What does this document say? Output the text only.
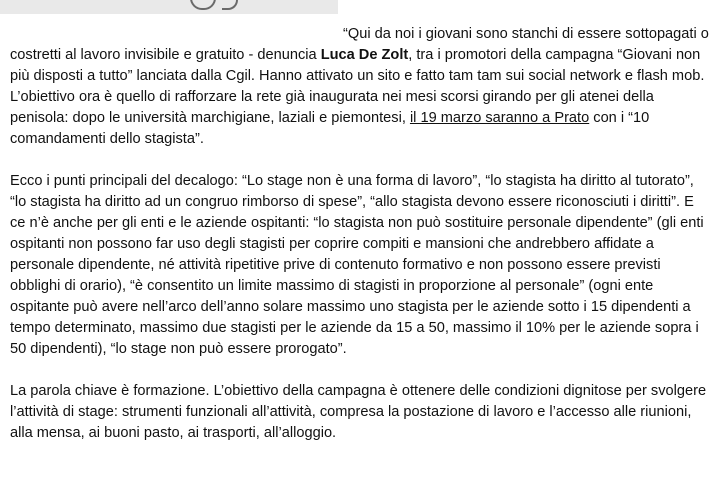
“Qui da noi i giovani sono stanchi di essere sottopagati o costretti al lavoro invisibile e gratuito - denuncia Luca De Zolt, tra i promotori della campagna “Giovani non più disposti a tutto” lanciata dalla Cgil. Hanno attivato un sito e fatto tam tam sui social network e flash mob. L’obiettivo ora è quello di rafforzare la rete già inaugurata nei mesi scorsi girando per gli atenei della penisola: dopo le università marchigiane, laziali e piemontesi, il 19 marzo saranno a Prato con i “10 comandamenti dello stagista”.

Ecco i punti principali del decalogo: “Lo stage non è una forma di lavoro”, “lo stagista ha diritto al tutorato”, “lo stagista ha diritto ad un congruo rimborso di spese”, “allo stagista devono essere riconosciuti i diritti”. E ce n’è anche per gli enti e le aziende ospitanti: “lo stagista non può sostituire personale dipendente” (gli enti ospitanti non possono far uso degli stagisti per coprire compiti e mansioni che andrebbero affidate a personale dipendente, né attività ripetitive prive di contenuto formativo e non possono essere previsti obblighi di orario), “è consentito un limite massimo di stagisti in proporzione al personale” (ogni ente ospitante può avere nell’arco dell’anno solare massimo uno stagista per le aziende sotto i 15 dipendenti a tempo determinato, massimo due stagisti per le aziende da 15 a 50, massimo il 10% per le aziende sopra i 50 dipendenti), “lo stage non può essere prorogato”.

La parola chiave è formazione. L’obiettivo della campagna è ottenere delle condizioni dignitose per svolgere l’attività di stage: strumenti funzionali all’attività, compresa la postazione di lavoro e l’accesso alle riunioni, alla mensa, ai buoni pasto, ai trasporti, all’alloggio.
